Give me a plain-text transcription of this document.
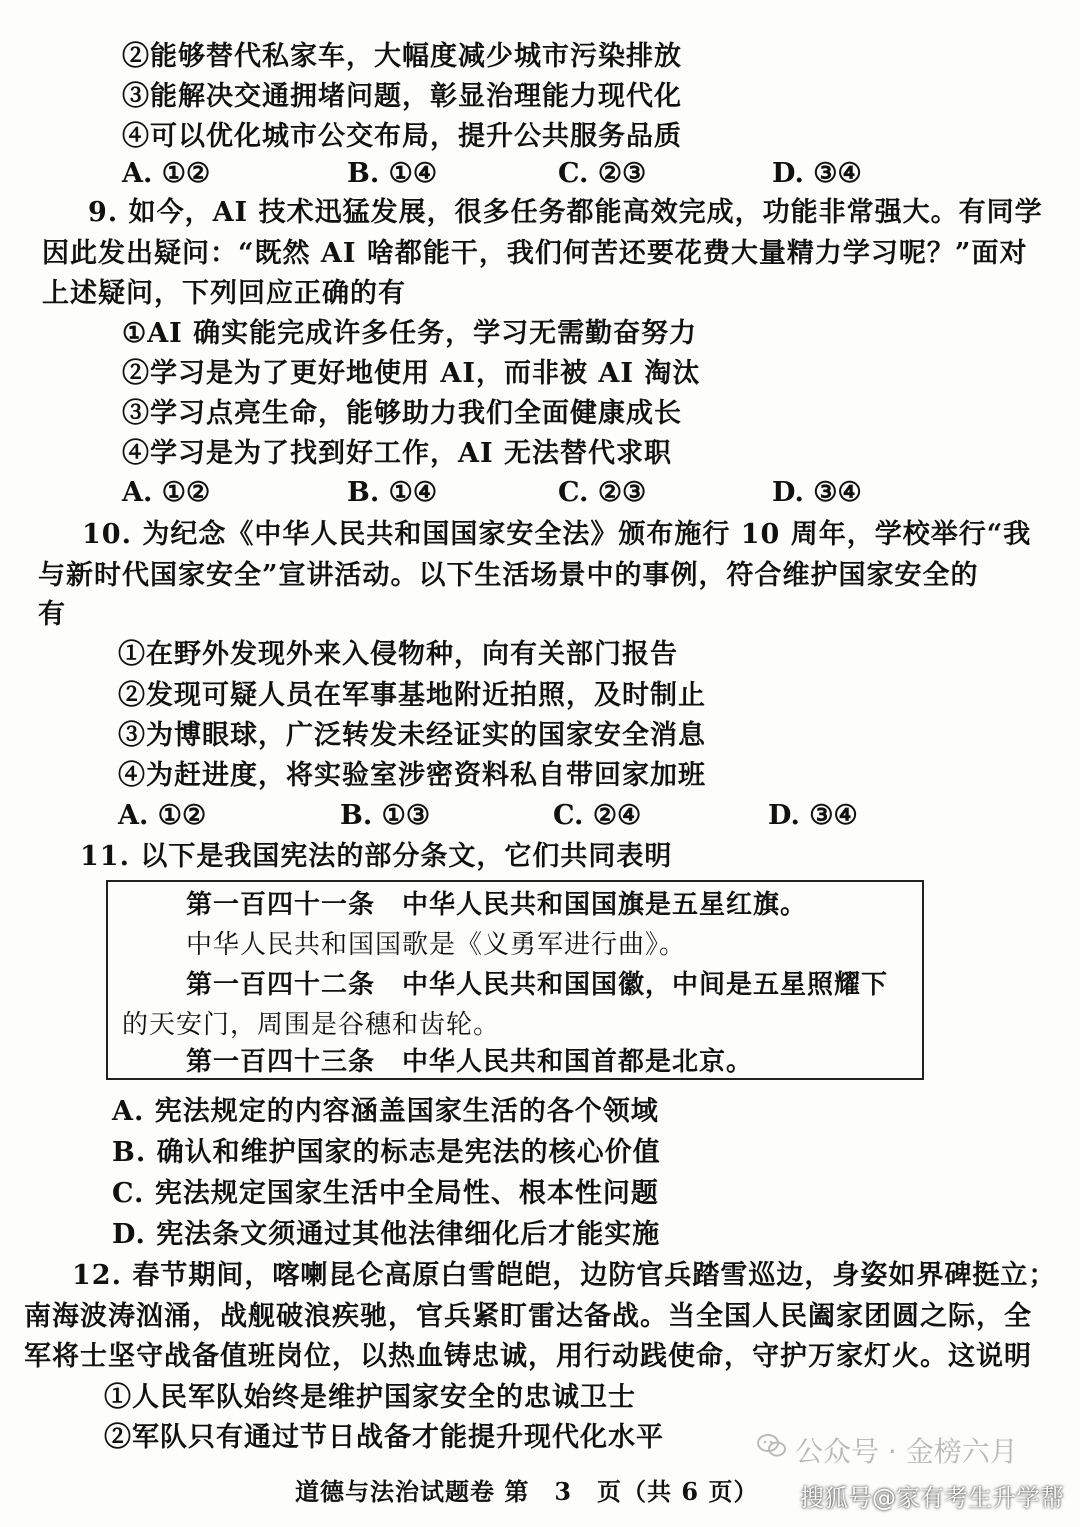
②能够替代私家车，大幅度减少城市污染排放
③能解决交通拥堵问题，彰显治理能力现代化
④可以优化城市公交布局，提升公共服务品质
A. ①②	B. ①④	C. ②③	D. ③④
9. 如今，AI 技术迅猛发展，很多任务都能高效完成，功能非常强大。有同学
因此发出疑问：“既然 AI 啥都能干，我们何苦还要花费大量精力学习呢？”面对
上述疑问，下列回应正确的有
①AI 确实能完成许多任务，学习无需勤奋努力
②学习是为了更好地使用 AI，而非被 AI 淘汰
③学习点亮生命，能够助力我们全面健康成长
④学习是为了找到好工作，AI 无法替代求职
A. ①②	B. ①④	C. ②③	D. ③④
10. 为纪念《中华人民共和国国家安全法》颁布施行 10 周年，学校举行“我
与新时代国家安全”宣讲活动。以下生活场景中的事例，符合维护国家安全的
有
①在野外发现外来入侵物种，向有关部门报告
②发现可疑人员在军事基地附近拍照，及时制止
③为博眼球，广泛转发未经证实的国家安全消息
④为赶进度，将实验室涉密资料私自带回家加班
A. ①②	B. ①③	C. ②④	D. ③④
11. 以下是我国宪法的部分条文，它们共同表明
第一百四十一条　中华人民共和国国旗是五星红旗。
中华人民共和国国歌是《义勇军进行曲》。
第一百四十二条　中华人民共和国国徽，中间是五星照耀下
的天安门，周围是谷穗和齿轮。
第一百四十三条　中华人民共和国首都是北京。
A. 宪法规定的内容涵盖国家生活的各个领域
B. 确认和维护国家的标志是宪法的核心价值
C. 宪法规定国家生活中全局性、根本性问题
D. 宪法条文须通过其他法律细化后才能实施
12. 春节期间，喀喇昆仑高原白雪皑皑，边防官兵踏雪巡边，身姿如界碑挺立；
南海波涛汹涌，战舰破浪疾驰，官兵紧盯雷达备战。当全国人民阖家团圆之际，全
军将士坚守战备值班岗位，以热血铸忠诚，用行动践使命，守护万家灯火。这说明
①人民军队始终是维护国家安全的忠诚卫士
②军队只有通过节日战备才能提升现代化水平
道德与法治试题卷 第　3　页（共 6 页）
公众号 · 金榜六月
搜狐号@家有考生升学帮
